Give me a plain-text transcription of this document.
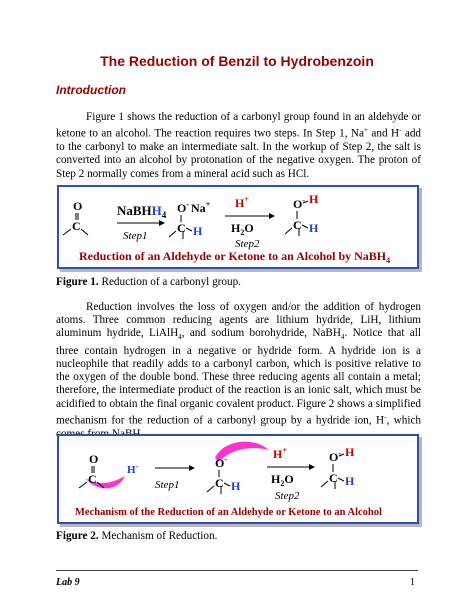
The Reduction of Benzil to Hydrobenzoin
Introduction
Figure 1 shows the reduction of a carbonyl group found in an aldehyde or ketone to an alcohol. The reaction requires two steps. In Step 1, Na+ and H- add to the carbonyl to make an intermediate salt. In the workup of Step 2, the salt is converted into an alcohol by protonation of the negative oxygen. The proton of Step 2 normally comes from a mineral acid such as HCl.
O
C
NaBHH$_4$
Step1
O- Na+
C H
H+
$H_2O$
Step2
O- H
C H
Reduction of an Aldehyde or Ketone to an Alcohol by NaBH$_4$
Figure 1. Reduction of a carbonyl group.
Reduction involves the loss of oxygen and/or the addition of hydrogen atoms. Three common reducing agents are lithium hydride, LiH, lithium aluminum hydride, LiAlH$_4$, and sodium borohydride, NaBH$_4$. Notice that all three contain hydrogen in a negative or hydride form. A hydride ion is a nucleophile that readily adds to a carbonyl carbon, which is positive relative to the oxygen of the double bond. These three reducing agents all contain a metal; therefore, the intermediate product of the reaction is an ionic salt, which must be acidified to obtain the final organic covalent product. Figure 2 shows a simplified mechanism for the reduction of a carbonyl group by a hydride ion, H-, which
O
C
H-
Step1
O-
C H
H+
$H_2O$
Step2
O- H
C H
Mechanism of the Reduction of an Aldehyde or Ketone to an Alcohol
Figure 2. Mechanism of Reduction.
Lab 9	1
